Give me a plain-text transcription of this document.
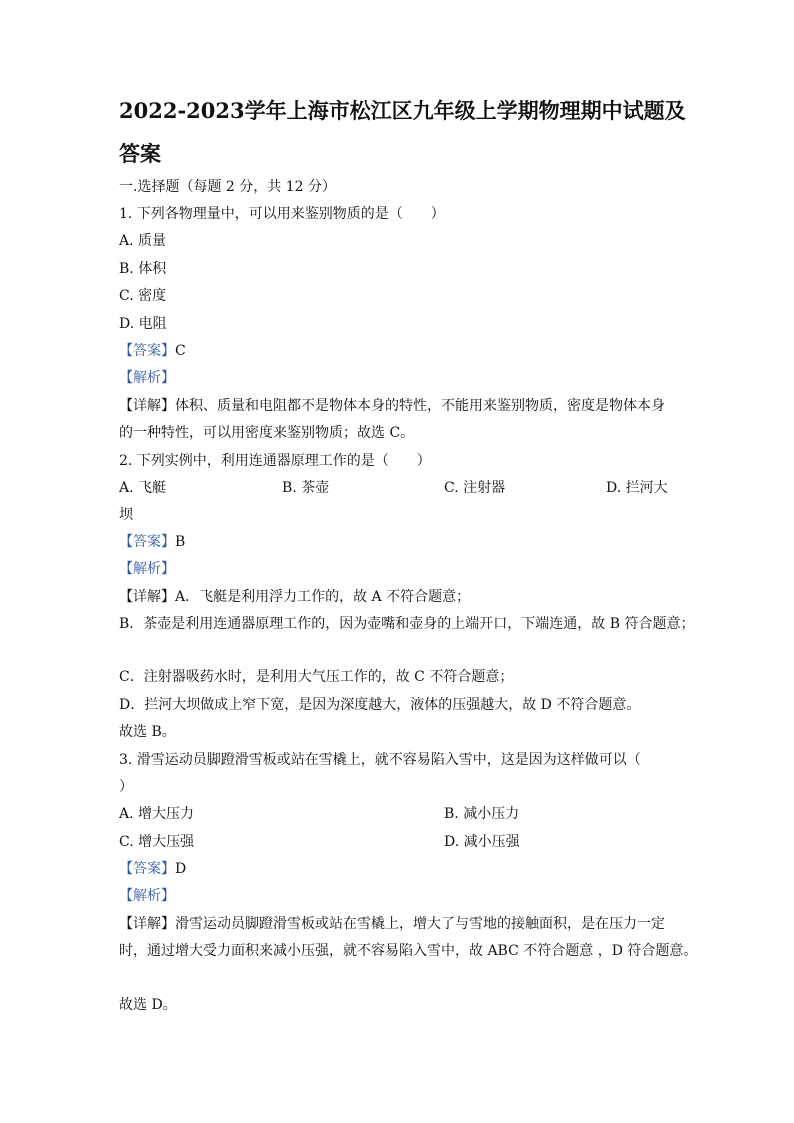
2022-2023学年上海市松江区九年级上学期物理期中试题及
答案
一.选择题（每题 2 分，共 12 分）
1. 下列各物理量中，可以用来鉴别物质的是（　　）
A. 质量
B. 体积
C. 密度
D. 电阻
【答案】C
【解析】
【详解】体积、质量和电阻都不是物体本身的特性，不能用来鉴别物质，密度是物体本身
的一种特性，可以用密度来鉴别物质；故选 C。
2. 下列实例中，利用连通器原理工作的是（　　）
A. 飞艇	B. 茶壶	C. 注射器	D. 拦河大
坝
【答案】B
【解析】
【详解】A．飞艇是利用浮力工作的，故 A 不符合题意；
B．茶壶是利用连通器原理工作的，因为壶嘴和壶身的上端开口，下端连通，故 B 符合题意；
C．注射器吸药水时，是利用大气压工作的，故 C 不符合题意；
D．拦河大坝做成上窄下宽，是因为深度越大，液体的压强越大，故 D 不符合题意。
故选 B。
3. 滑雪运动员脚蹬滑雪板或站在雪橇上，就不容易陷入雪中，这是因为这样做可以（
）
A. 增大压力	B. 减小压力
C. 增大压强	D. 减小压强
【答案】D
【解析】
【详解】滑雪运动员脚蹬滑雪板或站在雪橇上，增大了与雪地的接触面积，是在压力一定
时，通过增大受力面积来减小压强，就不容易陷入雪中，故 ABC 不符合题意 ，D 符合题意。
故选 D。
